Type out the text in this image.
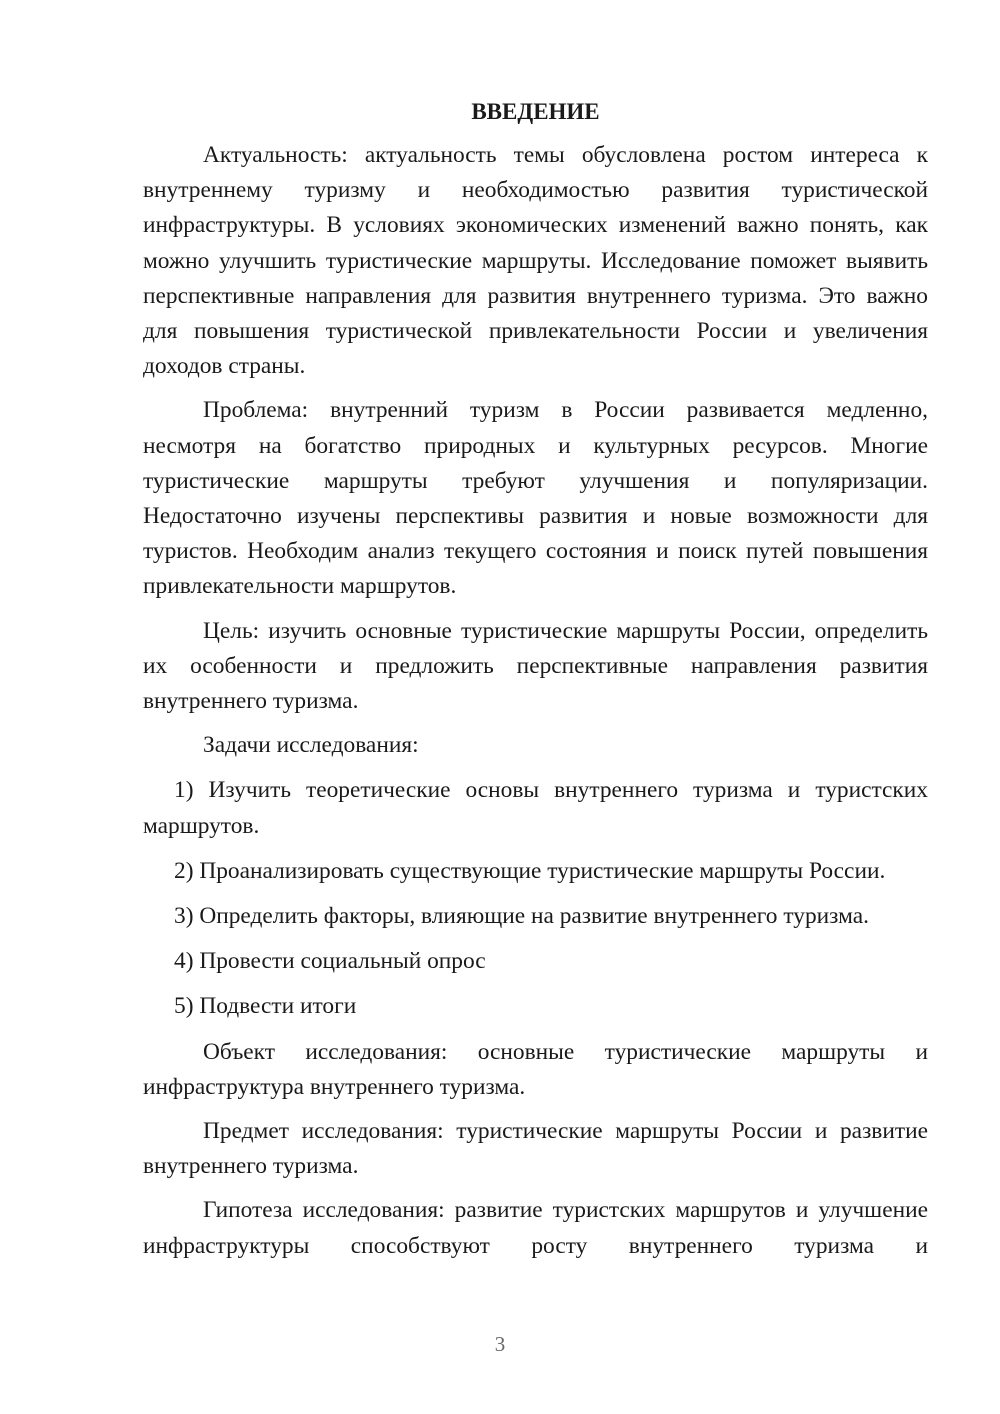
ВВЕДЕНИЕ

Актуальность: актуальность темы обусловлена ростом интереса к внутреннему туризму и необходимостью развития туристической инфраструктуры. В условиях экономических изменений важно понять, как можно улучшить туристические маршруты. Исследование поможет выявить перспективные направления для развития внутреннего туризма. Это важно для повышения туристической привлекательности России и увеличения доходов страны.

Проблема: внутренний туризм в России развивается медленно, несмотря на богатство природных и культурных ресурсов. Многие туристические маршруты требуют улучшения и популяризации. Недостаточно изучены перспективы развития и новые возможности для туристов. Необходим анализ текущего состояния и поиск путей повышения привлекательности маршрутов.

Цель: изучить основные туристические маршруты России, определить их особенности и предложить перспективные направления развития внутреннего туризма.

Задачи исследования:

1) Изучить теоретические основы внутреннего туризма и туристских маршрутов.

2) Проанализировать существующие туристические маршруты России.

3) Определить факторы, влияющие на развитие внутреннего туризма.

4) Провести социальный опрос

5) Подвести итоги

Объект исследования: основные туристические маршруты и инфраструктура внутреннего туризма.

Предмет исследования: туристические маршруты России и развитие внутреннего туризма.

Гипотеза исследования: развитие туристских маршрутов и улучшение инфраструктуры способствуют росту внутреннего туризма и

3
